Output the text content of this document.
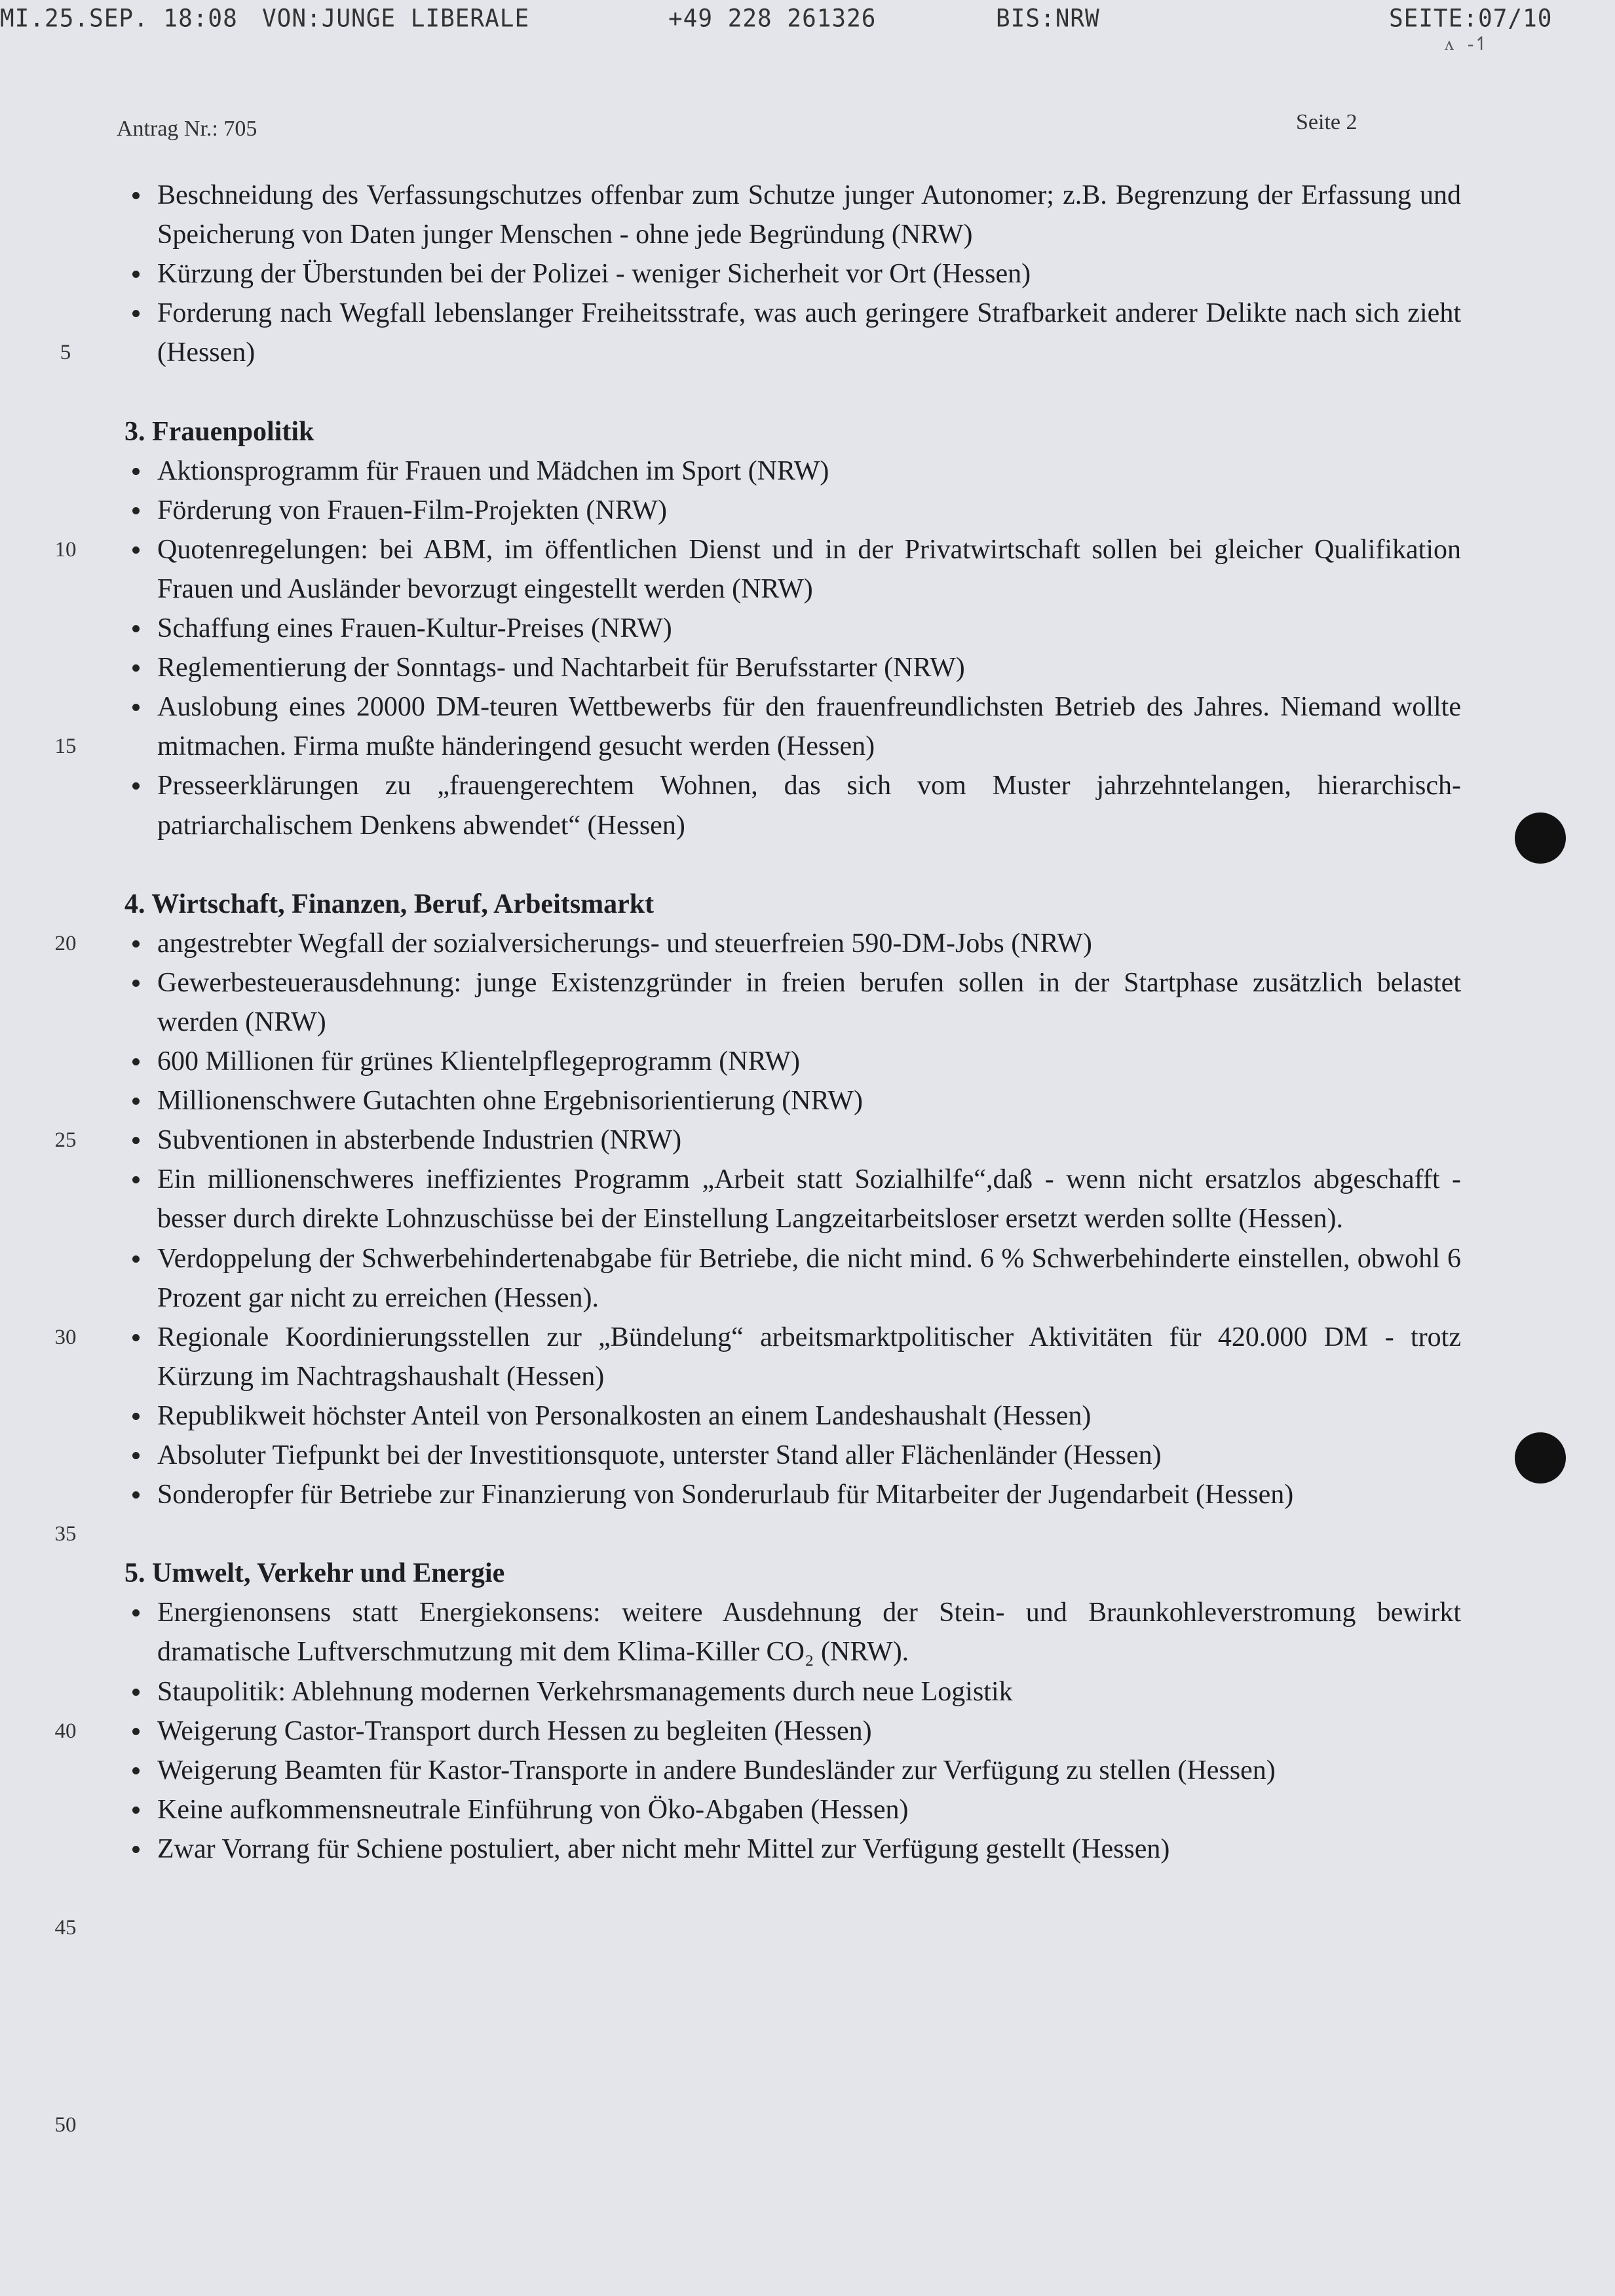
MI.25.SEP. 18:08 VON:JUNGE LIBERALE	+49 228 261326	BIS:NRW	SEITE:07/10
ᴧ   -↿
Antrag Nr.: 705	Seite 2
Beschneidung des Verfassungschutzes offenbar zum Schutze junger Autonomer; z.B. Begrenzung der Erfassung und Speicherung von Daten junger Menschen - ohne jede Begründung (NRW)
Kürzung der Überstunden bei der Polizei - weniger Sicherheit vor Ort (Hessen)
Forderung nach Wegfall lebenslanger Freiheitsstrafe, was auch geringere Strafbarkeit anderer Delikte nach sich zieht (Hessen)
3. Frauenpolitik
Aktionsprogramm für Frauen und Mädchen im Sport (NRW)
Förderung von Frauen-Film-Projekten (NRW)
Quotenregelungen: bei ABM, im öffentlichen Dienst und in der Privatwirtschaft sollen bei gleicher Qualifikation Frauen und Ausländer bevorzugt eingestellt werden (NRW)
Schaffung eines Frauen-Kultur-Preises (NRW)
Reglementierung der Sonntags- und Nachtarbeit für Berufsstarter (NRW)
Auslobung eines 20000 DM-teuren Wettbewerbs für den frauenfreundlichsten Betrieb des Jahres. Niemand wollte mitmachen. Firma mußte händeringend gesucht werden (Hessen)
Presseerklärungen zu „frauengerechtem Wohnen, das sich vom Muster jahrzehntelangen, hierarchisch-patriarchalischem Denkens abwendet“ (Hessen)
4. Wirtschaft, Finanzen, Beruf, Arbeitsmarkt
angestrebter Wegfall der sozialversicherungs- und steuerfreien 590-DM-Jobs (NRW)
Gewerbesteuerausdehnung: junge Existenzgründer in freien berufen sollen in der Startphase zusätzlich belastet werden (NRW)
600 Millionen für grünes Klientelpflegeprogramm (NRW)
Millionenschwere Gutachten ohne Ergebnisorientierung (NRW)
Subventionen in absterbende Industrien (NRW)
Ein millionenschweres ineffizientes Programm „Arbeit statt Sozialhilfe“,daß - wenn nicht ersatzlos abgeschafft - besser durch direkte Lohnzuschüsse bei der Einstellung Langzeitarbeitsloser ersetzt werden sollte (Hessen).
Verdoppelung der Schwerbehindertenabgabe für Betriebe, die nicht mind. 6 % Schwerbehinderte einstellen, obwohl 6 Prozent gar nicht zu erreichen (Hessen).
Regionale Koordinierungsstellen zur „Bündelung“ arbeitsmarktpolitischer Aktivitäten für 420.000 DM - trotz Kürzung im Nachtragshaushalt (Hessen)
Republikweit höchster Anteil von Personalkosten an einem Landeshaushalt (Hessen)
Absoluter Tiefpunkt bei der Investitionsquote, unterster Stand aller Flächenländer (Hessen)
Sonderopfer für Betriebe zur Finanzierung von Sonderurlaub für Mitarbeiter der Jugendarbeit (Hessen)
5. Umwelt, Verkehr und Energie
Energienonsens statt Energiekonsens: weitere Ausdehnung der Stein- und Braunkohleverstromung bewirkt dramatische Luftverschmutzung mit dem Klima-Killer CO₂ (NRW).
Staupolitik: Ablehnung modernen Verkehrsmanagements durch neue Logistik
Weigerung Castor-Transport durch Hessen zu begleiten (Hessen)
Weigerung Beamten für Kastor-Transporte in andere Bundesländer zur Verfügung zu stellen (Hessen)
Keine aufkommensneutrale Einführung von Öko-Abgaben (Hessen)
Zwar Vorrang für Schiene postuliert, aber nicht mehr Mittel zur Verfügung gestellt (Hessen)
5
10
15
20
25
30
35
40
45
50
